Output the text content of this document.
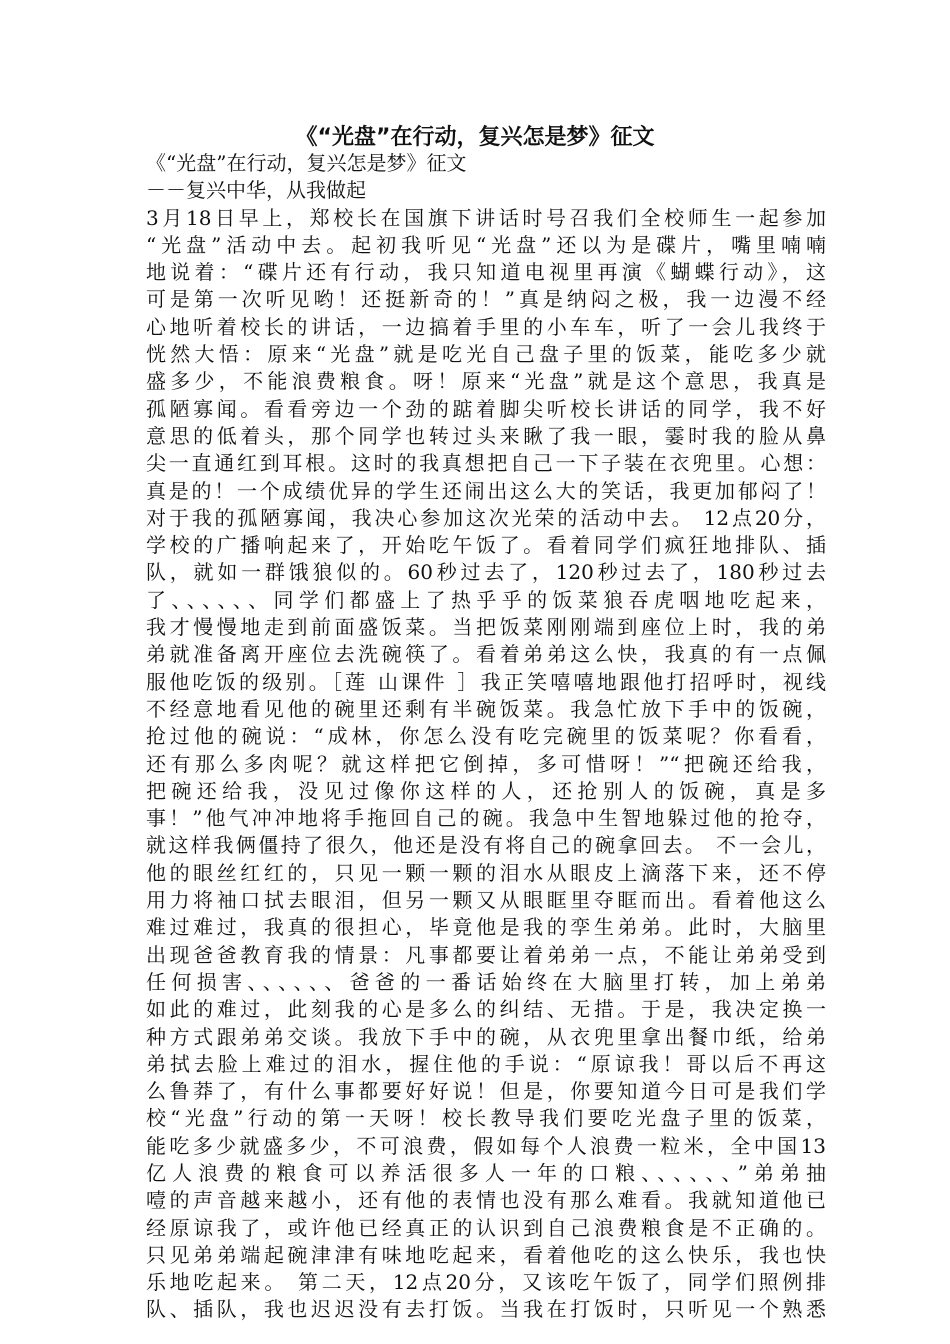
《“光盘”在行动，复兴怎是梦》征文
《“光盘”在行动，复兴怎是梦》征文
－－复兴中华，从我做起
3月18日早上，郑校长在国旗下讲话时号召我们全校师生一起参加
“光盘”活动中去。起初我听见“光盘”还以为是碟片，嘴里喃喃
地说着：“碟片还有行动，我只知道电视里再演《蝴蝶行动》，这
可是第一次听见哟！还挺新奇的！”真是纳闷之极，我一边漫不经
心地听着校长的讲话，一边搞着手里的小车车，听了一会儿我终于
恍然大悟：原来“光盘”就是吃光自己盘子里的饭菜，能吃多少就
盛多少，不能浪费粮食。呀！原来“光盘”就是这个意思，我真是
孤陋寡闻。看看旁边一个劲的踮着脚尖听校长讲话的同学，我不好
意思的低着头，那个同学也转过头来瞅了我一眼，霎时我的脸从鼻
尖一直通红到耳根。这时的我真想把自己一下子装在衣兜里。心想：
真是的！一个成绩优异的学生还闹出这么大的笑话，我更加郁闷了！
对于我的孤陋寡闻，我决心参加这次光荣的活动中去。 12点20分，
学校的广播响起来了，开始吃午饭了。看着同学们疯狂地排队、插
队，就如一群饿狼似的。60秒过去了，120秒过去了，180秒过去
了、、、、、、同学们都盛上了热乎乎的饭菜狼吞虎咽地吃起来，
我才慢慢地走到前面盛饭菜。当把饭菜刚刚端到座位上时，我的弟
弟就准备离开座位去洗碗筷了。看着弟弟这么快，我真的有一点佩
服他吃饭的级别。［莲 山课件 ］我正笑嘻嘻地跟他打招呼时，视线
不经意地看见他的碗里还剩有半碗饭菜。我急忙放下手中的饭碗，
抢过他的碗说：“成林，你怎么没有吃完碗里的饭菜呢？你看看，
还有那么多肉呢？就这样把它倒掉，多可惜呀！”“把碗还给我，
把碗还给我，没见过像你这样的人，还抢别人的饭碗，真是多
事！”他气冲冲地将手拖回自己的碗。我急中生智地躲过他的抢夺，
就这样我俩僵持了很久，他还是没有将自己的碗拿回去。 不一会儿，
他的眼丝红红的，只见一颗一颗的泪水从眼皮上滴落下来，还不停
用力将袖口拭去眼泪，但另一颗又从眼眶里夺眶而出。看着他这么
难过难过，我真的很担心，毕竟他是我的孪生弟弟。此时，大脑里
出现爸爸教育我的情景：凡事都要让着弟弟一点，不能让弟弟受到
任何损害、、、、、、爸爸的一番话始终在大脑里打转，加上弟弟
如此的难过，此刻我的心是多么的纠结、无措。于是，我决定换一
种方式跟弟弟交谈。我放下手中的碗，从衣兜里拿出餐巾纸，给弟
弟拭去脸上难过的泪水，握住他的手说：“原谅我！哥以后不再这
么鲁莽了，有什么事都要好好说！但是，你要知道今日可是我们学
校“光盘”行动的第一天呀！校长教导我们要吃光盘子里的饭菜，
能吃多少就盛多少，不可浪费，假如每个人浪费一粒米，全中国13
亿人浪费的粮食可以养活很多人一年的口粮、、、、、、”弟弟抽
噎的声音越来越小，还有他的表情也没有那么难看。我就知道他已
经原谅我了，或许他已经真正的认识到自己浪费粮食是不正确的。
只见弟弟端起碗津津有味地吃起来，看着他吃的这么快乐，我也快
乐地吃起来。 第二天，12点20分，又该吃午饭了，同学们照例排
队、插队，我也迟迟没有去打饭。当我在打饭时，只听见一个熟悉
